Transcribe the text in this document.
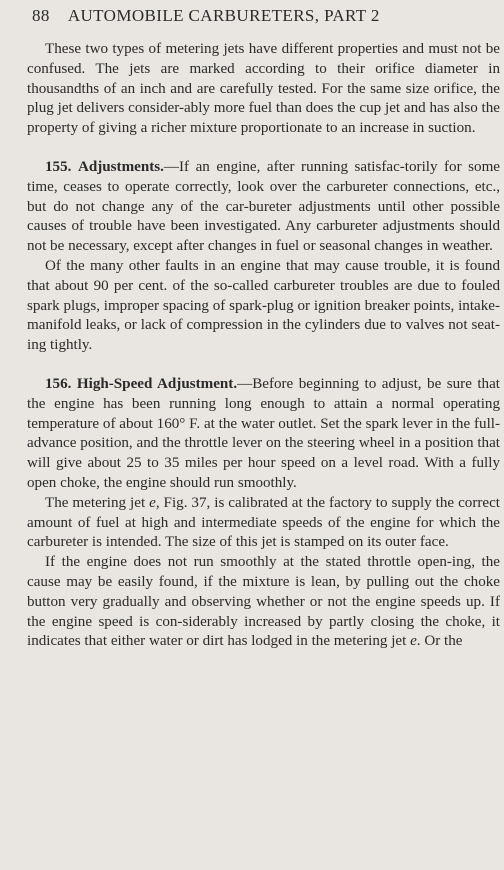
88 AUTOMOBILE CARBURETERS, PART 2

These two types of metering jets have different properties and must not be confused. The jets are marked according to their orifice diameter in thousandths of an inch and are carefully tested. For the same size orifice, the plug jet delivers consider-ably more fuel than does the cup jet and has also the property of giving a richer mixture proportionate to an increase in suction.

155. Adjustments.—If an engine, after running satisfac-torily for some time, ceases to operate correctly, look over the carbureter connections, etc., but do not change any of the car-bureter adjustments until other possible causes of trouble have been investigated. Any carbureter adjustments should not be necessary, except after changes in fuel or seasonal changes in weather.

Of the many other faults in an engine that may cause trouble, it is found that about 90 per cent. of the so-called carbureter troubles are due to fouled spark plugs, improper spacing of spark-plug or ignition breaker points, intake-manifold leaks, or lack of compression in the cylinders due to valves not seat-ing tightly.

156. High-Speed Adjustment.—Before beginning to adjust, be sure that the engine has been running long enough to attain a normal operating temperature of about 160° F. at the water outlet. Set the spark lever in the full-advance position, and the throttle lever on the steering wheel in a position that will give about 25 to 35 miles per hour speed on a level road. With a fully open choke, the engine should run smoothly.

The metering jet e, Fig. 37, is calibrated at the factory to supply the correct amount of fuel at high and intermediate speeds of the engine for which the carbureter is intended. The size of this jet is stamped on its outer face.

If the engine does not run smoothly at the stated throttle open-ing, the cause may be easily found, if the mixture is lean, by pulling out the choke button very gradually and observing whether or not the engine speeds up. If the engine speed is con-siderably increased by partly closing the choke, it indicates that either water or dirt has lodged in the metering jet e. Or the
